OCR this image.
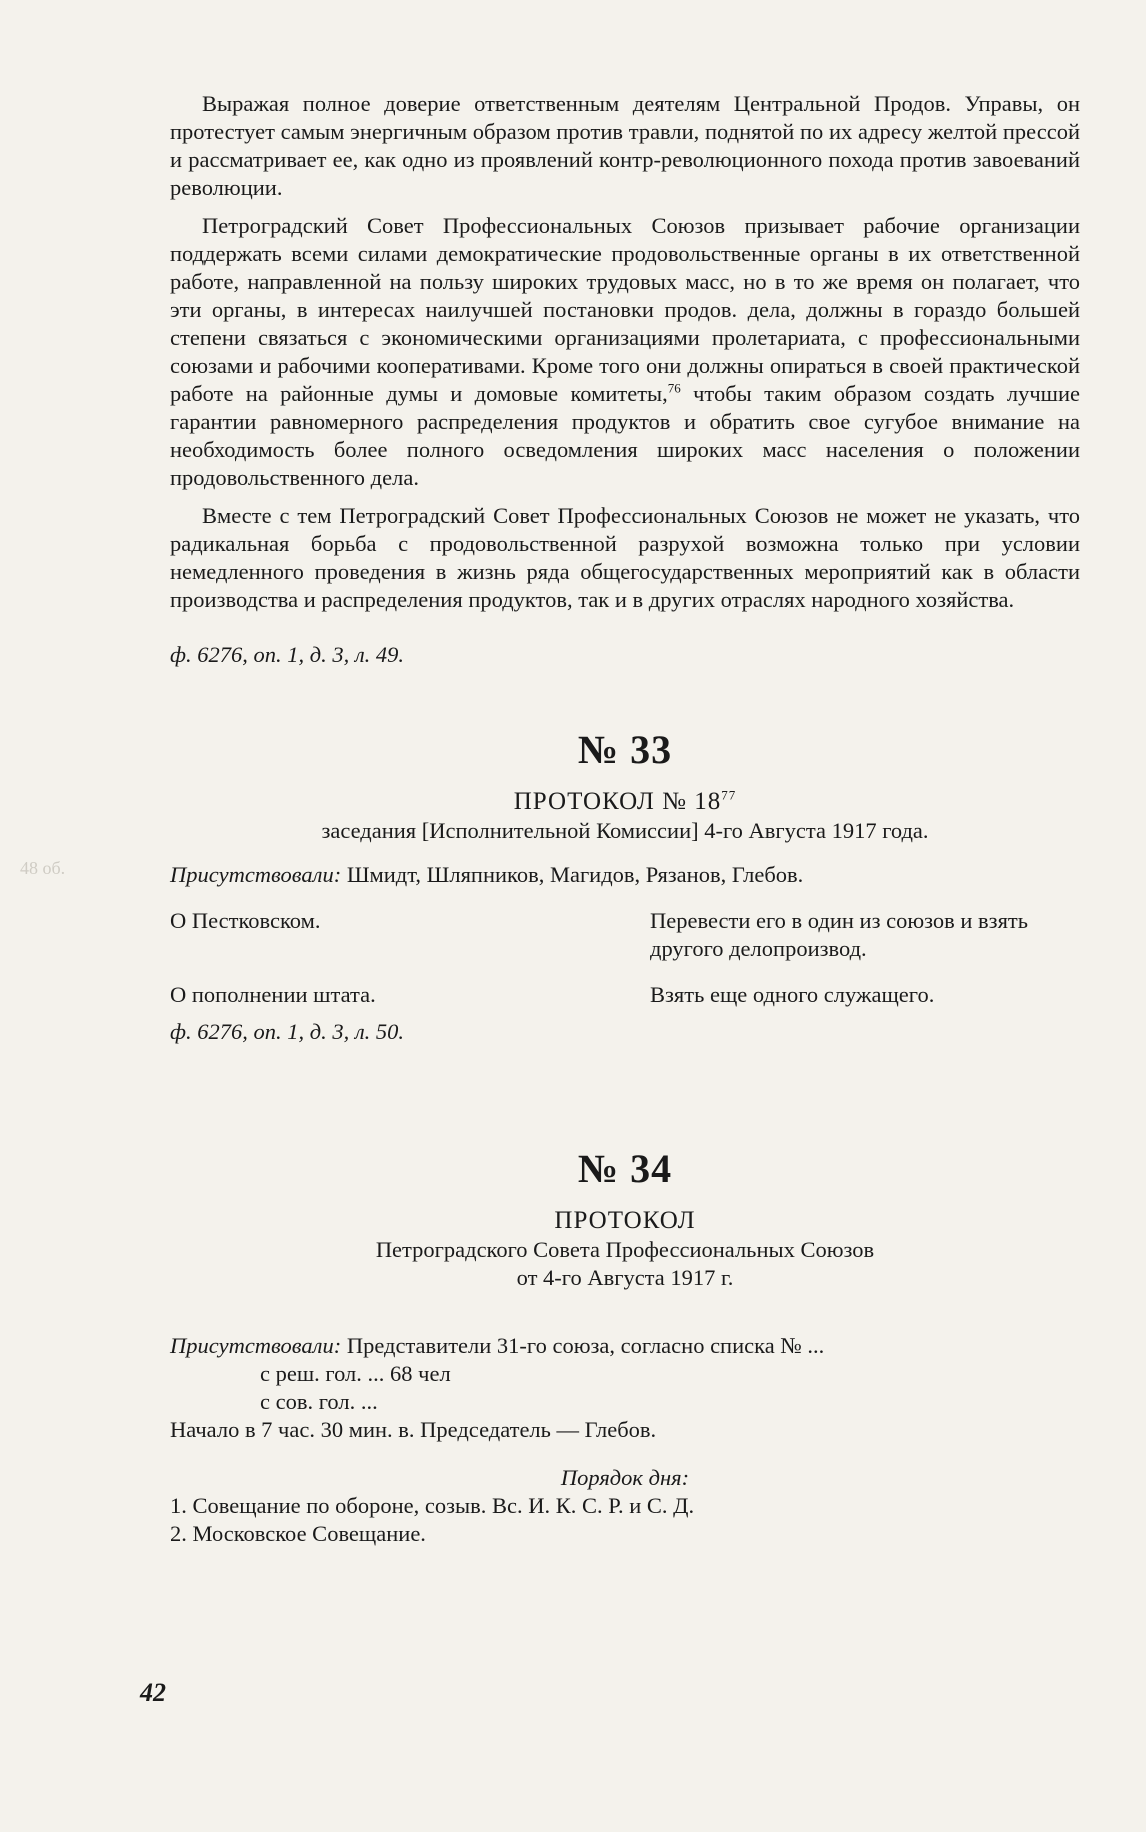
48 об.

Выражая полное доверие ответственным деятелям Центральной Продов. Управы, он протестует самым энергичным образом против травли, поднятой по их адресу желтой прессой и рассматривает ее, как одно из проявлений контр-революционного похода против завоеваний революции.

Петроградский Совет Профессиональных Союзов призывает рабочие организации поддержать всеми силами демократические продовольственные органы в их ответственной работе, направленной на пользу широких трудовых масс, но в то же время он полагает, что эти органы, в интересах наилучшей постановки продов. дела, должны в гораздо большей степени связаться с экономическими организациями пролетариата, с профессиональными союзами и рабочими кооперативами. Кроме того они должны опираться в своей практической работе на районные думы и домовые комитеты,$^{76}$ чтобы таким образом создать лучшие гарантии равномерного распределения продуктов и обратить свое сугубое внимание на необходимость более полного осведомления широких масс населения о положении продовольственного дела.

Вместе с тем Петроградский Совет Профессиональных Союзов не может не указать, что радикальная борьба с продовольственной разрухой возможна только при условии немедленного проведения в жизнь ряда общегосударственных мероприятий как в области производства и распределения продуктов, так и в других отраслях народного хозяйства.

ф. 6276, оп. 1, д. 3, л. 49.
№ 33
ПРОТОКОЛ № $18^{77}$
заседания [Исполнительной Комиссии] 4-го Августа 1917 года.
Присутствовали: Шмидт, Шляпников, Магидов, Рязанов, Глебов.
О Пестковском.	Перевести его в один из союзов и взять другого делопроизвод.
О пополнении штата.	Взять еще одного служащего.
ф. 6276, оп. 1, д. 3, л. 50.
№ 34
ПРОТОКОЛ
Петроградского Совета Профессиональных Союзов
от 4-го Августа 1917 г.
Присутствовали: Представители 31-го союза, согласно списка № ...
с реш. гол. ... 68 чел
с сов. гол. ...
Начало в 7 час. 30 мин. в. Председатель — Глебов.
Порядок дня:
1. Совещание по обороне, созыв. Вс. И. К. С. Р. и С. Д.
2. Московское Совещание.
42
